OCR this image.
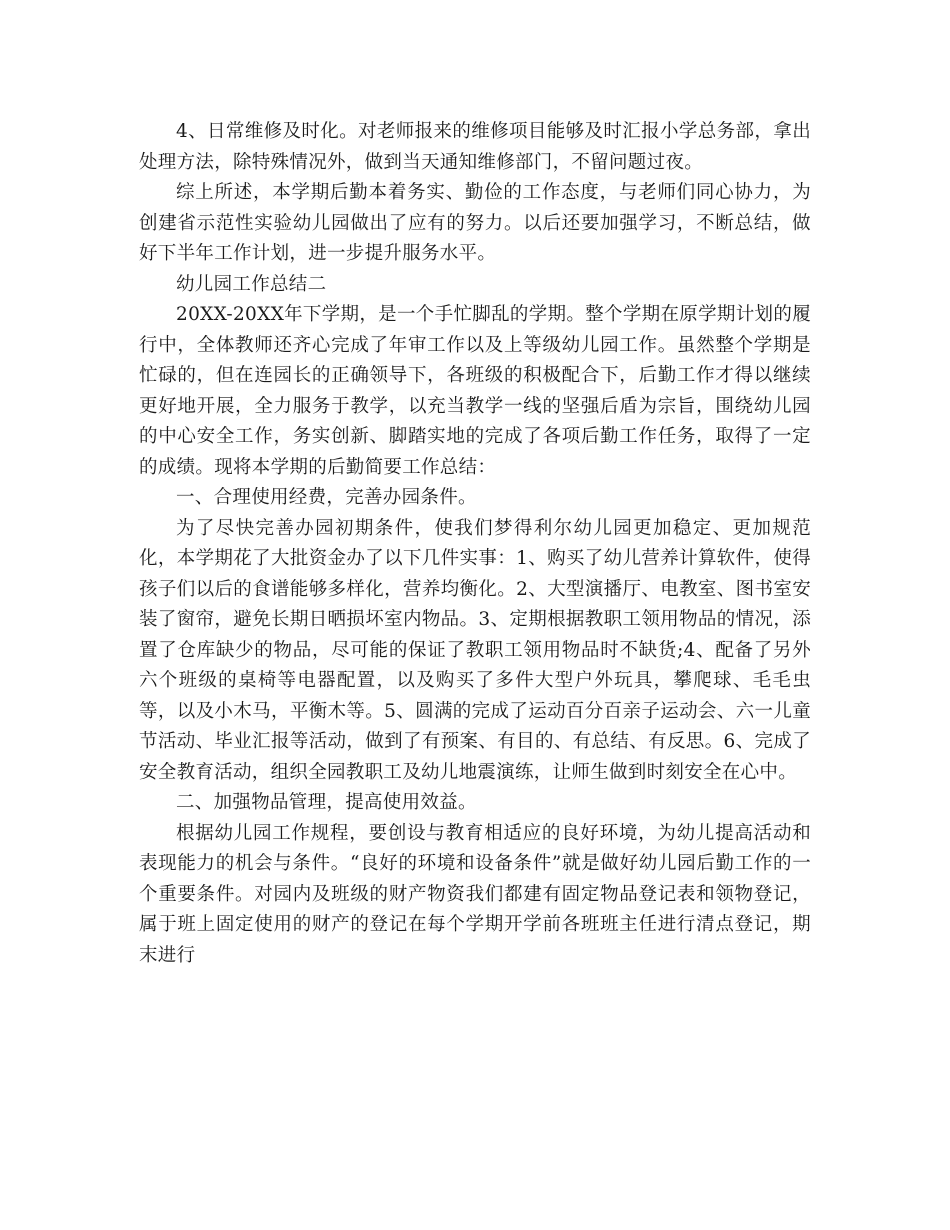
4、日常维修及时化。对老师报来的维修项目能够及时汇报小学总务部，拿出处理方法，除特殊情况外，做到当天通知维修部门，不留问题过夜。

综上所述，本学期后勤本着务实、勤俭的工作态度，与老师们同心协力，为创建省示范性实验幼儿园做出了应有的努力。以后还要加强学习，不断总结，做好下半年工作计划，进一步提升服务水平。

幼儿园工作总结二

20XX-20XX年下学期，是一个手忙脚乱的学期。整个学期在原学期计划的履行中，全体教师还齐心完成了年审工作以及上等级幼儿园工作。虽然整个学期是忙碌的，但在连园长的正确领导下，各班级的积极配合下，后勤工作才得以继续更好地开展，全力服务于教学，以充当教学一线的坚强后盾为宗旨，围绕幼儿园的中心安全工作，务实创新、脚踏实地的完成了各项后勤工作任务，取得了一定的成绩。现将本学期的后勤简要工作总结：

一、合理使用经费，完善办园条件。

为了尽快完善办园初期条件，使我们梦得利尔幼儿园更加稳定、更加规范化，本学期花了大批资金办了以下几件实事：1、购买了幼儿营养计算软件，使得孩子们以后的食谱能够多样化，营养均衡化。2、大型演播厅、电教室、图书室安装了窗帘，避免长期日晒损坏室内物品。3、定期根据教职工领用物品的情况，添置了仓库缺少的物品，尽可能的保证了教职工领用物品时不缺货;4、配备了另外六个班级的桌椅等电器配置，以及购买了多件大型户外玩具，攀爬球、毛毛虫等，以及小木马，平衡木等。5、圆满的完成了运动百分百亲子运动会、六一儿童节活动、毕业汇报等活动，做到了有预案、有目的、有总结、有反思。6、完成了安全教育活动，组织全园教职工及幼儿地震演练，让师生做到时刻安全在心中。

二、加强物品管理，提高使用效益。

根据幼儿园工作规程，要创设与教育相适应的良好环境，为幼儿提高活动和表现能力的机会与条件。“良好的环境和设备条件”就是做好幼儿园后勤工作的一个重要条件。对园内及班级的财产物资我们都建有固定物品登记表和领物登记，属于班上固定使用的财产的登记在每个学期开学前各班班主任进行清点登记，期末进行
